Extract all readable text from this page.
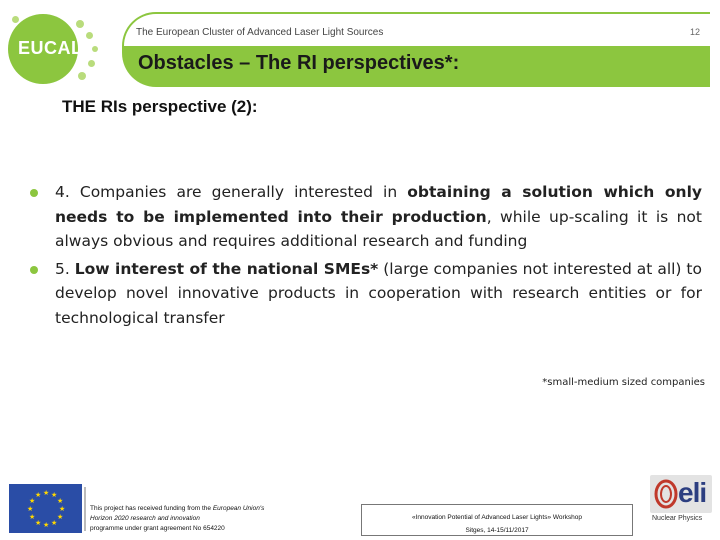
EUCALL
The European Cluster of Advanced Laser Light Sources	12
Obstacles – The RI perspectives*:
THE RIs perspective (2):
4. Companies are generally interested in obtaining a solution which only needs to be implemented into their production, while up-scaling it is not always obvious and requires additional research and funding
5. Low interest of the national SMEs* (large companies not interested at all) to develop novel innovative products in cooperation with research entities or for technological transfer
*small-medium sized companies
★ ★
★
★
★
★
★
★
★
★
★
★
This project has received funding from the European Union's Horizon 2020 research and innovation
programme under grant agreement No 654220
«Innovation Potential of Advanced Laser Lights» Workshop
Sitges, 14-15/11/2017
eli
Nuclear Physics
